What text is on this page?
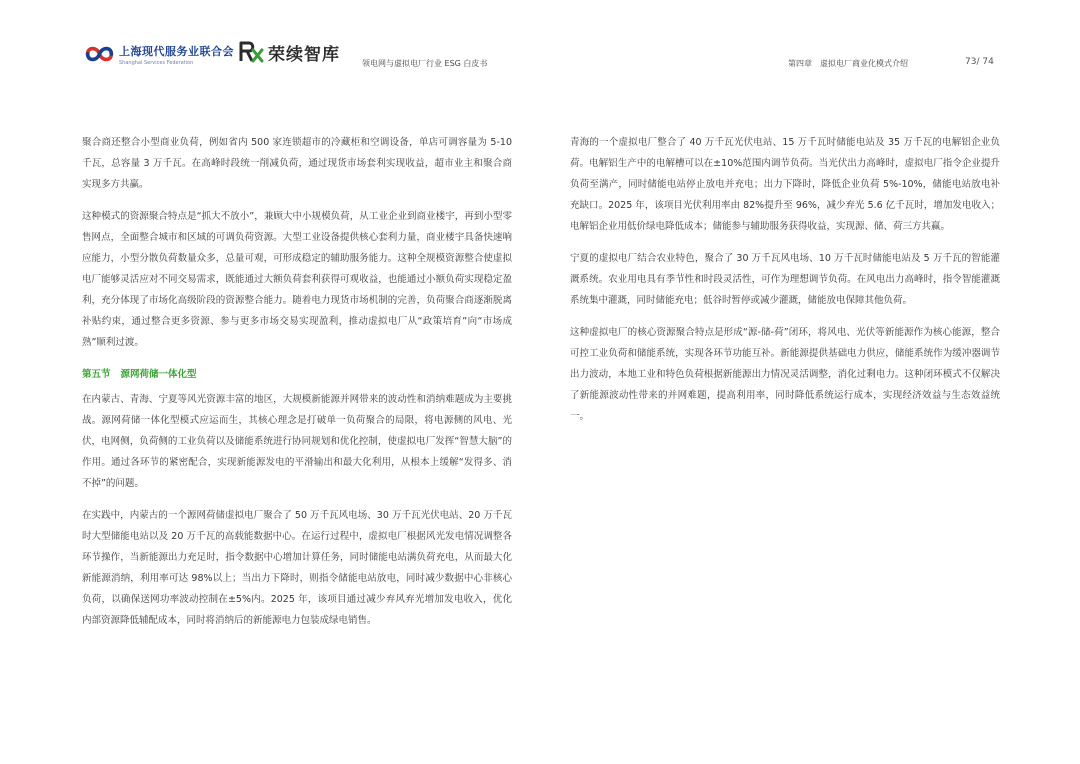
上海现代服务业联合会
Shanghai Services Federation	荣续智库	领电网与虚拟电厂行业 ESG 白皮书	第四章　虚拟电厂商业化模式介绍	73/ 74

聚合商还整合小型商业负荷，例如省内 500 家连锁超市的冷藏柜和空调设备，单店可调容量为 5-10 千瓦，总容量 3 万千瓦。在高峰时段统一削减负荷，通过现货市场套利实现收益，超市业主和聚合商实现多方共赢。

这种模式的资源聚合特点是“抓大不放小”，兼顾大中小规模负荷，从工业企业到商业楼宇，再到小型零售网点，全面整合城市和区域的可调负荷资源。大型工业设备提供核心套利力量，商业楼宇具备快速响应能力，小型分散负荷数量众多，总量可观，可形成稳定的辅助服务能力。这种全规模资源整合使虚拟电厂能够灵活应对不同交易需求，既能通过大额负荷套利获得可观收益，也能通过小额负荷实现稳定盈利，充分体现了市场化高级阶段的资源整合能力。随着电力现货市场机制的完善，负荷聚合商逐渐脱离补贴约束，通过整合更多资源、参与更多市场交易实现盈利，推动虚拟电厂从“政策培育”向“市场成熟”顺利过渡。

第五节 源网荷储一体化型

在内蒙古、青海、宁夏等风光资源丰富的地区，大规模新能源并网带来的波动性和消纳难题成为主要挑战。源网荷储一体化型模式应运而生，其核心理念是打破单一负荷聚合的局限，将电源侧的风电、光伏，电网侧，负荷侧的工业负荷以及储能系统进行协同规划和优化控制，使虚拟电厂发挥“智慧大脑”的作用。通过各环节的紧密配合，实现新能源发电的平滑输出和最大化利用，从根本上缓解“发得多、消不掉”的问题。

在实践中，内蒙古的一个源网荷储虚拟电厂聚合了 50 万千瓦风电场、30 万千瓦光伏电站、20 万千瓦时大型储能电站以及 20 万千瓦的高载能数据中心。在运行过程中，虚拟电厂根据风光发电情况调整各环节操作，当新能源出力充足时，指令数据中心增加计算任务，同时储能电站满负荷充电，从而最大化新能源消纳，利用率可达 98%以上；当出力下降时，则指令储能电站放电，同时减少数据中心非核心负荷，以确保送网功率波动控制在±5%内。2025 年，该项目通过减少弃风弃光增加发电收入，优化内部资源降低辅配成本，同时将消纳后的新能源电力包装成绿电销售。

青海的一个虚拟电厂整合了 40 万千瓦光伏电站、15 万千瓦时储能电站及 35 万千瓦的电解铝企业负荷。电解铝生产中的电解槽可以在±10%范围内调节负荷。当光伏出力高峰时，虚拟电厂指令企业提升负荷至满产，同时储能电站停止放电并充电；出力下降时，降低企业负荷 5%-10%，储能电站放电补充缺口。2025 年，该项目光伏利用率由 82%提升至 96%，减少弃光 5.6 亿千瓦时，增加发电收入；电解铝企业用低价绿电降低成本；储能参与辅助服务获得收益，实现源、储、荷三方共赢。

宁夏的虚拟电厂结合农业特色，聚合了 30 万千瓦风电场、10 万千瓦时储能电站及 5 万千瓦的智能灌溉系统。农业用电具有季节性和时段灵活性，可作为理想调节负荷。在风电出力高峰时，指令智能灌溉系统集中灌溉，同时储能充电；低谷时暂停或减少灌溉，储能放电保障其他负荷。

这种虚拟电厂的核心资源聚合特点是形成“源-储-荷”闭环，将风电、光伏等新能源作为核心能源，整合可控工业负荷和储能系统，实现各环节功能互补。新能源提供基础电力供应，储能系统作为缓冲器调节出力波动，本地工业和特色负荷根据新能源出力情况灵活调整，消化过剩电力。这种闭环模式不仅解决了新能源波动性带来的并网难题，提高利用率，同时降低系统运行成本，实现经济效益与生态效益统一。
